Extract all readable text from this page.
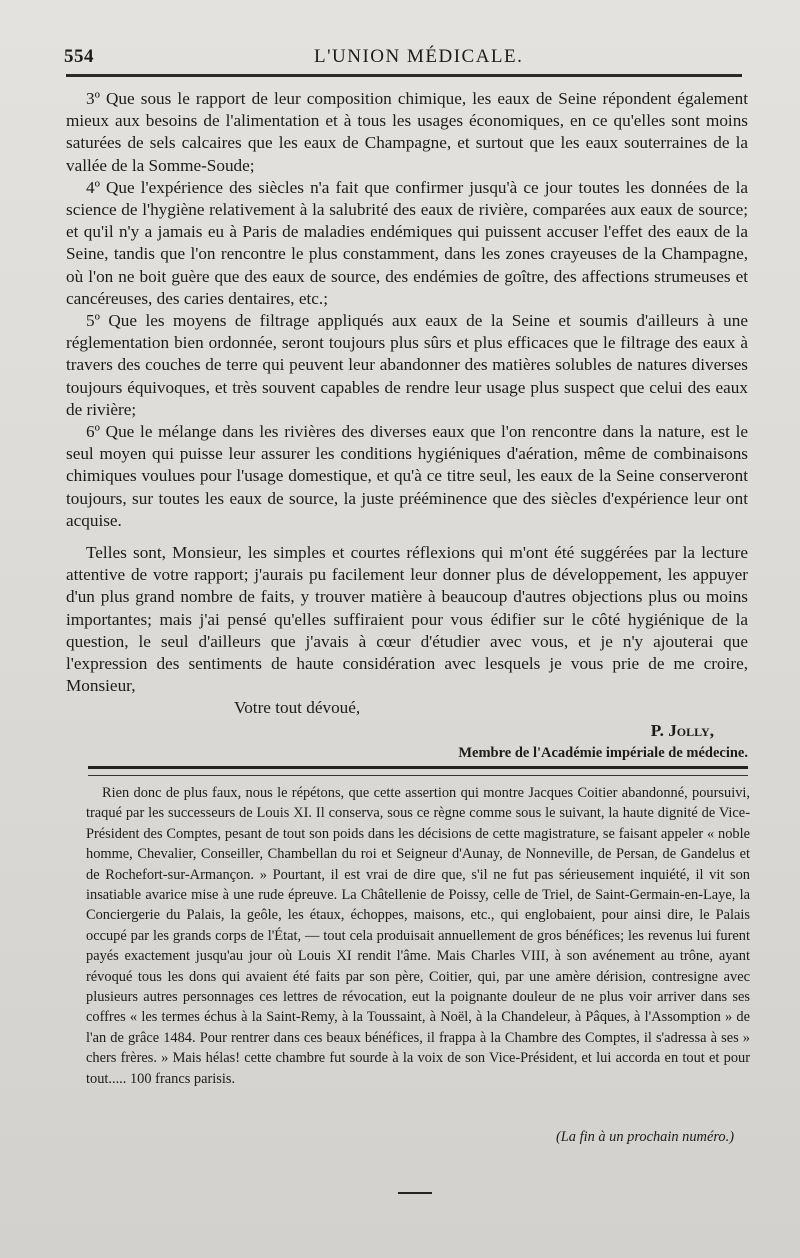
554	L'UNION MÉDICALE.

3º Que sous le rapport de leur composition chimique, les eaux de Seine répondent également mieux aux besoins de l'alimentation et à tous les usages économiques, en ce qu'elles sont moins saturées de sels calcaires que les eaux de Champagne, et surtout que les eaux souterraines de la vallée de la Somme-Soude;

4º Que l'expérience des siècles n'a fait que confirmer jusqu'à ce jour toutes les données de la science de l'hygiène relativement à la salubrité des eaux de rivière, comparées aux eaux de source; et qu'il n'y a jamais eu à Paris de maladies endémiques qui puissent accuser l'effet des eaux de la Seine, tandis que l'on rencontre le plus constamment, dans les zones crayeuses de la Champagne, où l'on ne boit guère que des eaux de source, des endémies de goître, des affections strumeuses et cancéreuses, des caries dentaires, etc.;

5º Que les moyens de filtrage appliqués aux eaux de la Seine et soumis d'ailleurs à une réglementation bien ordonnée, seront toujours plus sûrs et plus efficaces que le filtrage des eaux à travers des couches de terre qui peuvent leur abandonner des matières solubles de natures diverses toujours équivoques, et très souvent capables de rendre leur usage plus suspect que celui des eaux de rivière;

6º Que le mélange dans les rivières des diverses eaux que l'on rencontre dans la nature, est le seul moyen qui puisse leur assurer les conditions hygiéniques d'aération, même de combinaisons chimiques voulues pour l'usage domestique, et qu'à ce titre seul, les eaux de la Seine conserveront toujours, sur toutes les eaux de source, la juste prééminence que des siècles d'expérience leur ont acquise.

Telles sont, Monsieur, les simples et courtes réflexions qui m'ont été suggérées par la lecture attentive de votre rapport; j'aurais pu facilement leur donner plus de développement, les appuyer d'un plus grand nombre de faits, y trouver matière à beaucoup d'autres objections plus ou moins importantes; mais j'ai pensé qu'elles suffiraient pour vous édifier sur le côté hygiénique de la question, le seul d'ailleurs que j'avais à cœur d'étudier avec vous, et je n'y ajouterai que l'expression des sentiments de haute considération avec lesquels je vous prie de me croire, Monsieur,

Votre tout dévoué,

P. Jolly,

Membre de l'Académie impériale de médecine.

Rien donc de plus faux, nous le répétons, que cette assertion qui montre Jacques Coitier abandonné, poursuivi, traqué par les successeurs de Louis XI. Il conserva, sous ce règne comme sous le suivant, la haute dignité de Vice-Président des Comptes, pesant de tout son poids dans les décisions de cette magistrature, se faisant appeler « noble homme, Chevalier, Conseiller, Chambellan du roi et Seigneur d'Aunay, de Nonneville, de Persan, de Gandelus et de Rochefort-sur-Armançon. » Pourtant, il est vrai de dire que, s'il ne fut pas sérieusement inquiété, il vit son insatiable avarice mise à une rude épreuve. La Châtellenie de Poissy, celle de Triel, de Saint-Germain-en-Laye, la Conciergerie du Palais, la geôle, les étaux, échoppes, maisons, etc., qui englobaient, pour ainsi dire, le Palais occupé par les grands corps de l'État, — tout cela produisait annuellement de gros bénéfices; les revenus lui furent payés exactement jusqu'au jour où Louis XI rendit l'âme. Mais Charles VIII, à son avénement au trône, ayant révoqué tous les dons qui avaient été faits par son père, Coitier, qui, par une amère dérision, contresigne avec plusieurs autres personnages ces lettres de révocation, eut la poignante douleur de ne plus voir arriver dans ses coffres « les termes échus à la Saint-Remy, à la Toussaint, à Noël, à la Chandeleur, à Pâques, à l'Assomption » de l'an de grâce 1484. Pour rentrer dans ces beaux bénéfices, il frappa à la Chambre des Comptes, il s'adressa à ses » chers frères. » Mais hélas! cette chambre fut sourde à la voix de son Vice-Président, et lui accorda en tout et pour tout..... 100 francs parisis.

(La fin à un prochain numéro.)
